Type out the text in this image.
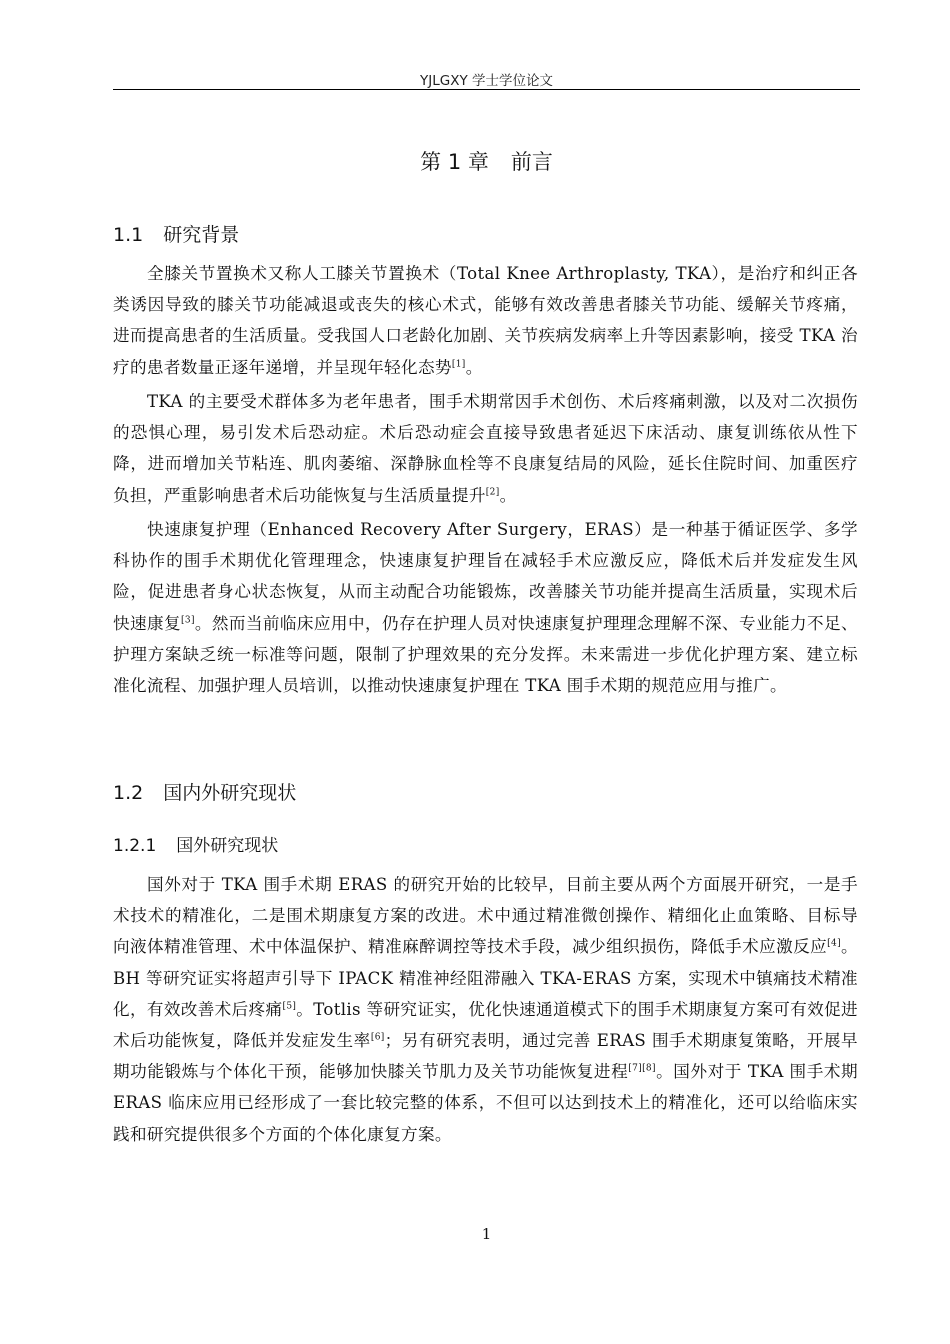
YJLGXY 学士学位论文
第 1 章 前言
1.1 研究背景

全膝关节置换术又称人工膝关节置换术（Total Knee Arthroplasty, TKA），是治疗和纠正各类诱因导致的膝关节功能减退或丧失的核心术式，能够有效改善患者膝关节功能、缓解关节疼痛，进而提高患者的生活质量。受我国人口老龄化加剧、关节疾病发病率上升等因素影响，接受 TKA 治疗的患者数量正逐年递增，并呈现年轻化态势[1]。

TKA 的主要受术群体多为老年患者，围手术期常因手术创伤、术后疼痛刺激，以及对二次损伤的恐惧心理，易引发术后恐动症。术后恐动症会直接导致患者延迟下床活动、康复训练依从性下降，进而增加关节粘连、肌肉萎缩、深静脉血栓等不良康复结局的风险，延长住院时间、加重医疗负担，严重影响患者术后功能恢复与生活质量提升[2]。

快速康复护理（Enhanced Recovery After Surgery，ERAS）是一种基于循证医学、多学科协作的围手术期优化管理理念，快速康复护理旨在减轻手术应激反应，降低术后并发症发生风险，促进患者身心状态恢复，从而主动配合功能锻炼，改善膝关节功能并提高生活质量，实现术后快速康复[3]。然而当前临床应用中，仍存在护理人员对快速康复护理理念理解不深、专业能力不足、护理方案缺乏统一标准等问题，限制了护理效果的充分发挥。未来需进一步优化护理方案、建立标准化流程、加强护理人员培训，以推动快速康复护理在 TKA 围手术期的规范应用与推广。

1.2 国内外研究现状
1.2.1 国外研究现状

国外对于 TKA 围手术期 ERAS 的研究开始的比较早，目前主要从两个方面展开研究，一是手术技术的精准化，二是围术期康复方案的改进。术中通过精准微创操作、精细化止血策略、目标导向液体精准管理、术中体温保护、精准麻醉调控等技术手段，减少组织损伤，降低手术应激反应[4]。BH 等研究证实将超声引导下 IPACK 精准神经阻滞融入 TKA-ERAS 方案，实现术中镇痛技术精准化，有效改善术后疼痛[5]。Totlis 等研究证实，优化快速通道模式下的围手术期康复方案可有效促进术后功能恢复，降低并发症发生率[6]；另有研究表明，通过完善 ERAS 围手术期康复策略，开展早期功能锻炼与个体化干预，能够加快膝关节肌力及关节功能恢复进程[7][8]。国外对于 TKA 围手术期 ERAS 临床应用已经形成了一套比较完整的体系，不但可以达到技术上的精准化，还可以给临床实践和研究提供很多个方面的个体化康复方案。

1
